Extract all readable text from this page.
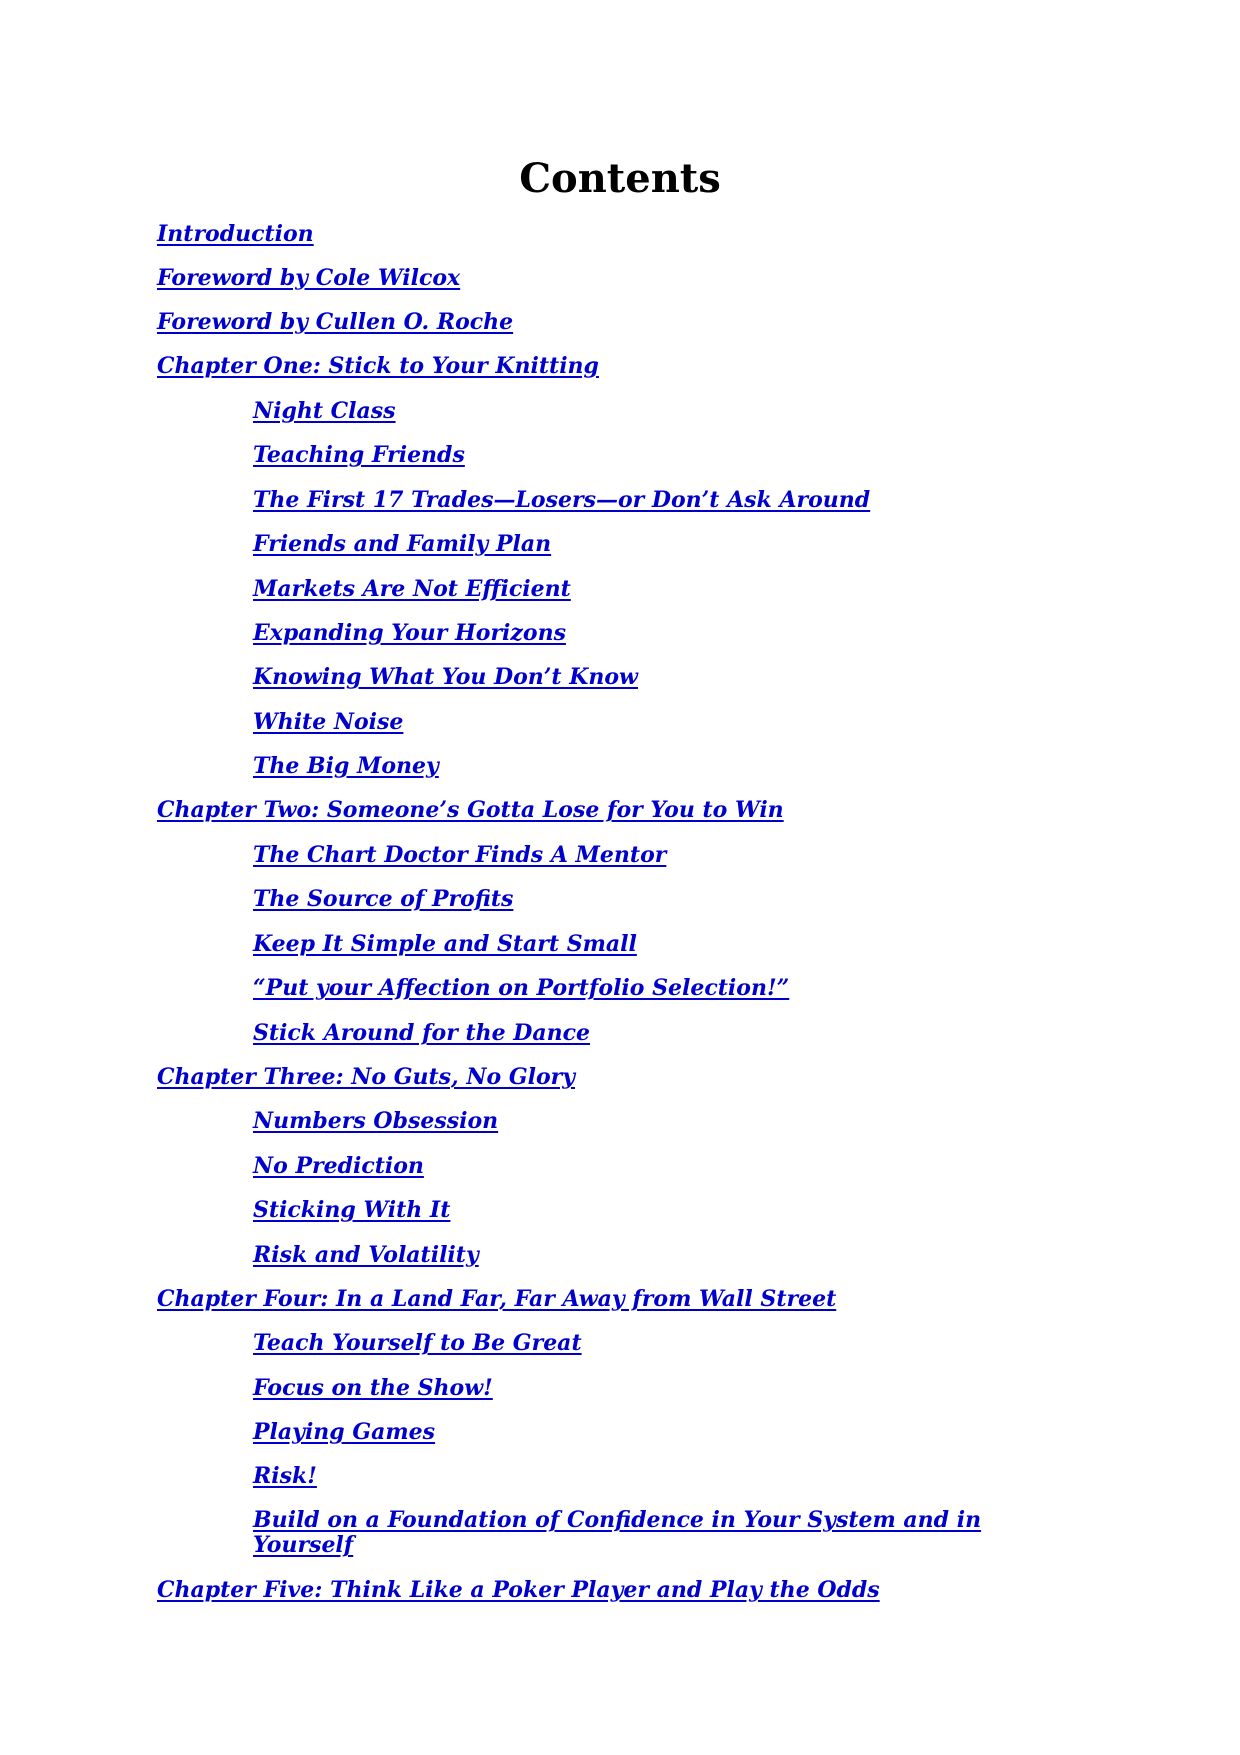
Contents
Introduction
Foreword by Cole Wilcox
Foreword by Cullen O. Roche
Chapter One: Stick to Your Knitting
Night Class
Teaching Friends
The First 17 Trades—Losers—or Don’t Ask Around
Friends and Family Plan
Markets Are Not Efficient
Expanding Your Horizons
Knowing What You Don’t Know
White Noise
The Big Money
Chapter Two: Someone’s Gotta Lose for You to Win
The Chart Doctor Finds A Mentor
The Source of Profits
Keep It Simple and Start Small
“Put your Affection on Portfolio Selection!”
Stick Around for the Dance
Chapter Three: No Guts, No Glory
Numbers Obsession
No Prediction
Sticking With It
Risk and Volatility
Chapter Four: In a Land Far, Far Away from Wall Street
Teach Yourself to Be Great
Focus on the Show!
Playing Games
Risk!
Build on a Foundation of Confidence in Your System and in Yourself
Chapter Five: Think Like a Poker Player and Play the Odds
